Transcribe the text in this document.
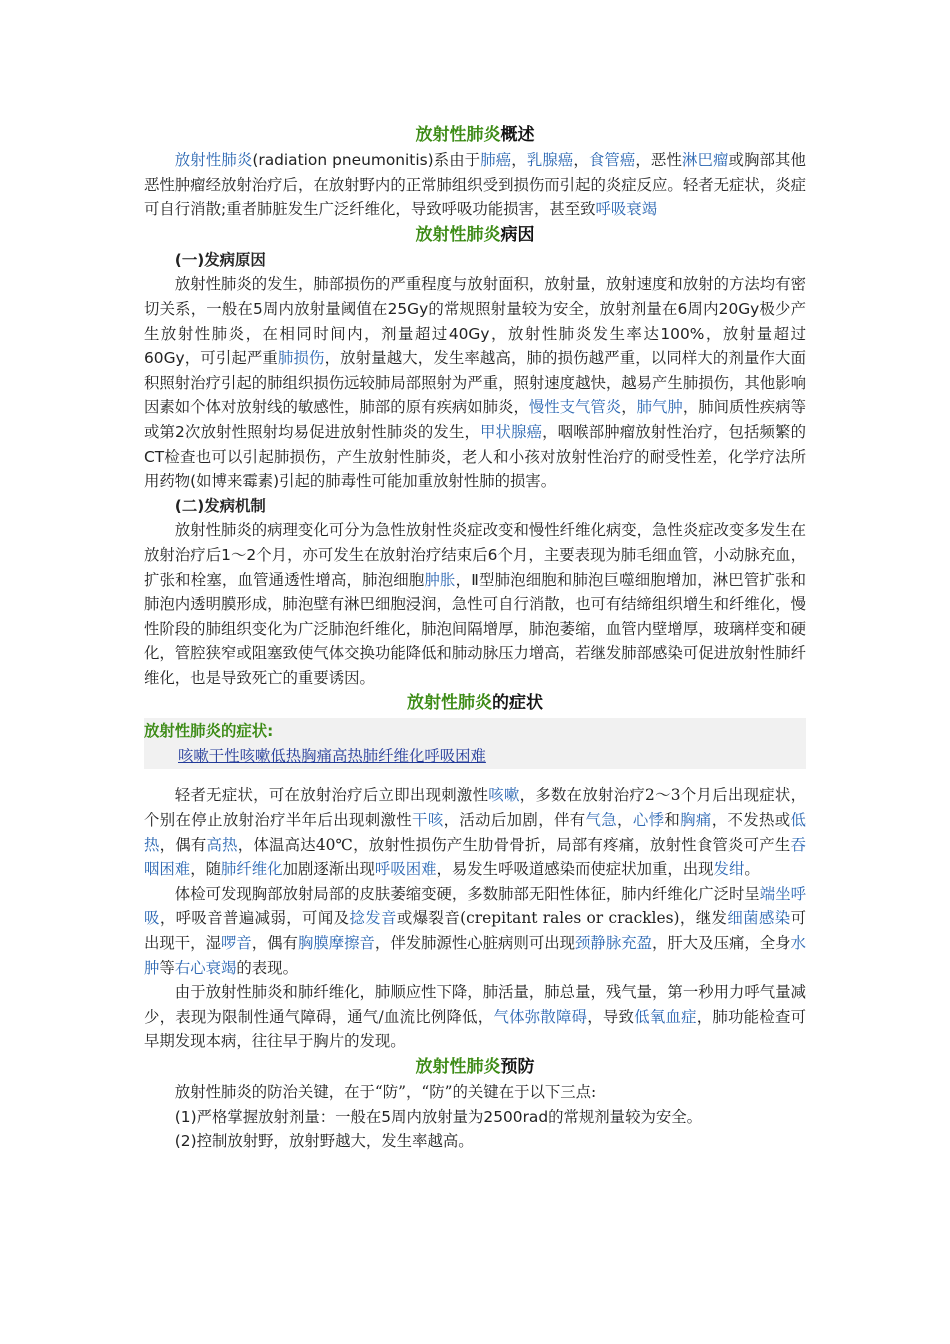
放射性肺炎概述

放射性肺炎(radiation pneumonitis)系由于肺癌，乳腺癌，食管癌，恶性淋巴瘤或胸部其他恶性肿瘤经放射治疗后，在放射野内的正常肺组织受到损伤而引起的炎症反应。轻者无症状，炎症可自行消散;重者肺脏发生广泛纤维化，导致呼吸功能损害，甚至致呼吸衰竭

放射性肺炎病因

(一)发病原因

放射性肺炎的发生，肺部损伤的严重程度与放射面积，放射量，放射速度和放射的方法均有密切关系，一般在5周内放射量阈值在25Gy的常规照射量较为安全，放射剂量在6周内20Gy极少产生放射性肺炎，在相同时间内，剂量超过40Gy，放射性肺炎发生率达100%，放射量超过60Gy，可引起严重肺损伤，放射量越大，发生率越高，肺的损伤越严重，以同样大的剂量作大面积照射治疗引起的肺组织损伤远较肺局部照射为严重，照射速度越快，越易产生肺损伤，其他影响因素如个体对放射线的敏感性，肺部的原有疾病如肺炎，慢性支气管炎，肺气肿，肺间质性疾病等或第2次放射性照射均易促进放射性肺炎的发生，甲状腺癌，咽喉部肿瘤放射性治疗，包括频繁的CT检查也可以引起肺损伤，产生放射性肺炎，老人和小孩对放射性治疗的耐受性差，化学疗法所用药物(如博来霉素)引起的肺毒性可能加重放射性肺的损害。

(二)发病机制

放射性肺炎的病理变化可分为急性放射性炎症改变和慢性纤维化病变，急性炎症改变多发生在放射治疗后1～2个月，亦可发生在放射治疗结束后6个月，主要表现为肺毛细血管，小动脉充血，扩张和栓塞，血管通透性增高，肺泡细胞肿胀，Ⅱ型肺泡细胞和肺泡巨噬细胞增加，淋巴管扩张和肺泡内透明膜形成，肺泡壁有淋巴细胞浸润，急性可自行消散，也可有结缔组织增生和纤维化，慢性阶段的肺组织变化为广泛肺泡纤维化，肺泡间隔增厚，肺泡萎缩，血管内壁增厚，玻璃样变和硬化，管腔狭窄或阻塞致使气体交换功能降低和肺动脉压力增高，若继发肺部感染可促进放射性肺纤维化，也是导致死亡的重要诱因。

放射性肺炎的症状
放射性肺炎的症状:
咳嗽干性咳嗽低热胸痛高热肺纤维化呼吸困难

轻者无症状，可在放射治疗后立即出现刺激性咳嗽，多数在放射治疗2～3个月后出现症状，个别在停止放射治疗半年后出现刺激性干咳，活动后加剧，伴有气急，心悸和胸痛，不发热或低热，偶有高热，体温高达40℃，放射性损伤产生肋骨骨折，局部有疼痛，放射性食管炎可产生吞咽困难，随肺纤维化加剧逐渐出现呼吸困难，易发生呼吸道感染而使症状加重，出现发绀。

体检可发现胸部放射局部的皮肤萎缩变硬，多数肺部无阳性体征，肺内纤维化广泛时呈端坐呼吸，呼吸音普遍减弱，可闻及捻发音或爆裂音(crepitant rales or crackles)，继发细菌感染可出现干，湿啰音，偶有胸膜摩擦音，伴发肺源性心脏病则可出现颈静脉充盈，肝大及压痛，全身水肿等右心衰竭的表现。

由于放射性肺炎和肺纤维化，肺顺应性下降，肺活量，肺总量，残气量，第一秒用力呼气量减少，表现为限制性通气障碍，通气/血流比例降低，气体弥散障碍，导致低氧血症，肺功能检查可早期发现本病，往往早于胸片的发现。

放射性肺炎预防

放射性肺炎的防治关键，在于“防”，“防”的关键在于以下三点:

(1)严格掌握放射剂量：一般在5周内放射量为2500rad的常规剂量较为安全。

(2)控制放射野，放射野越大，发生率越高。
